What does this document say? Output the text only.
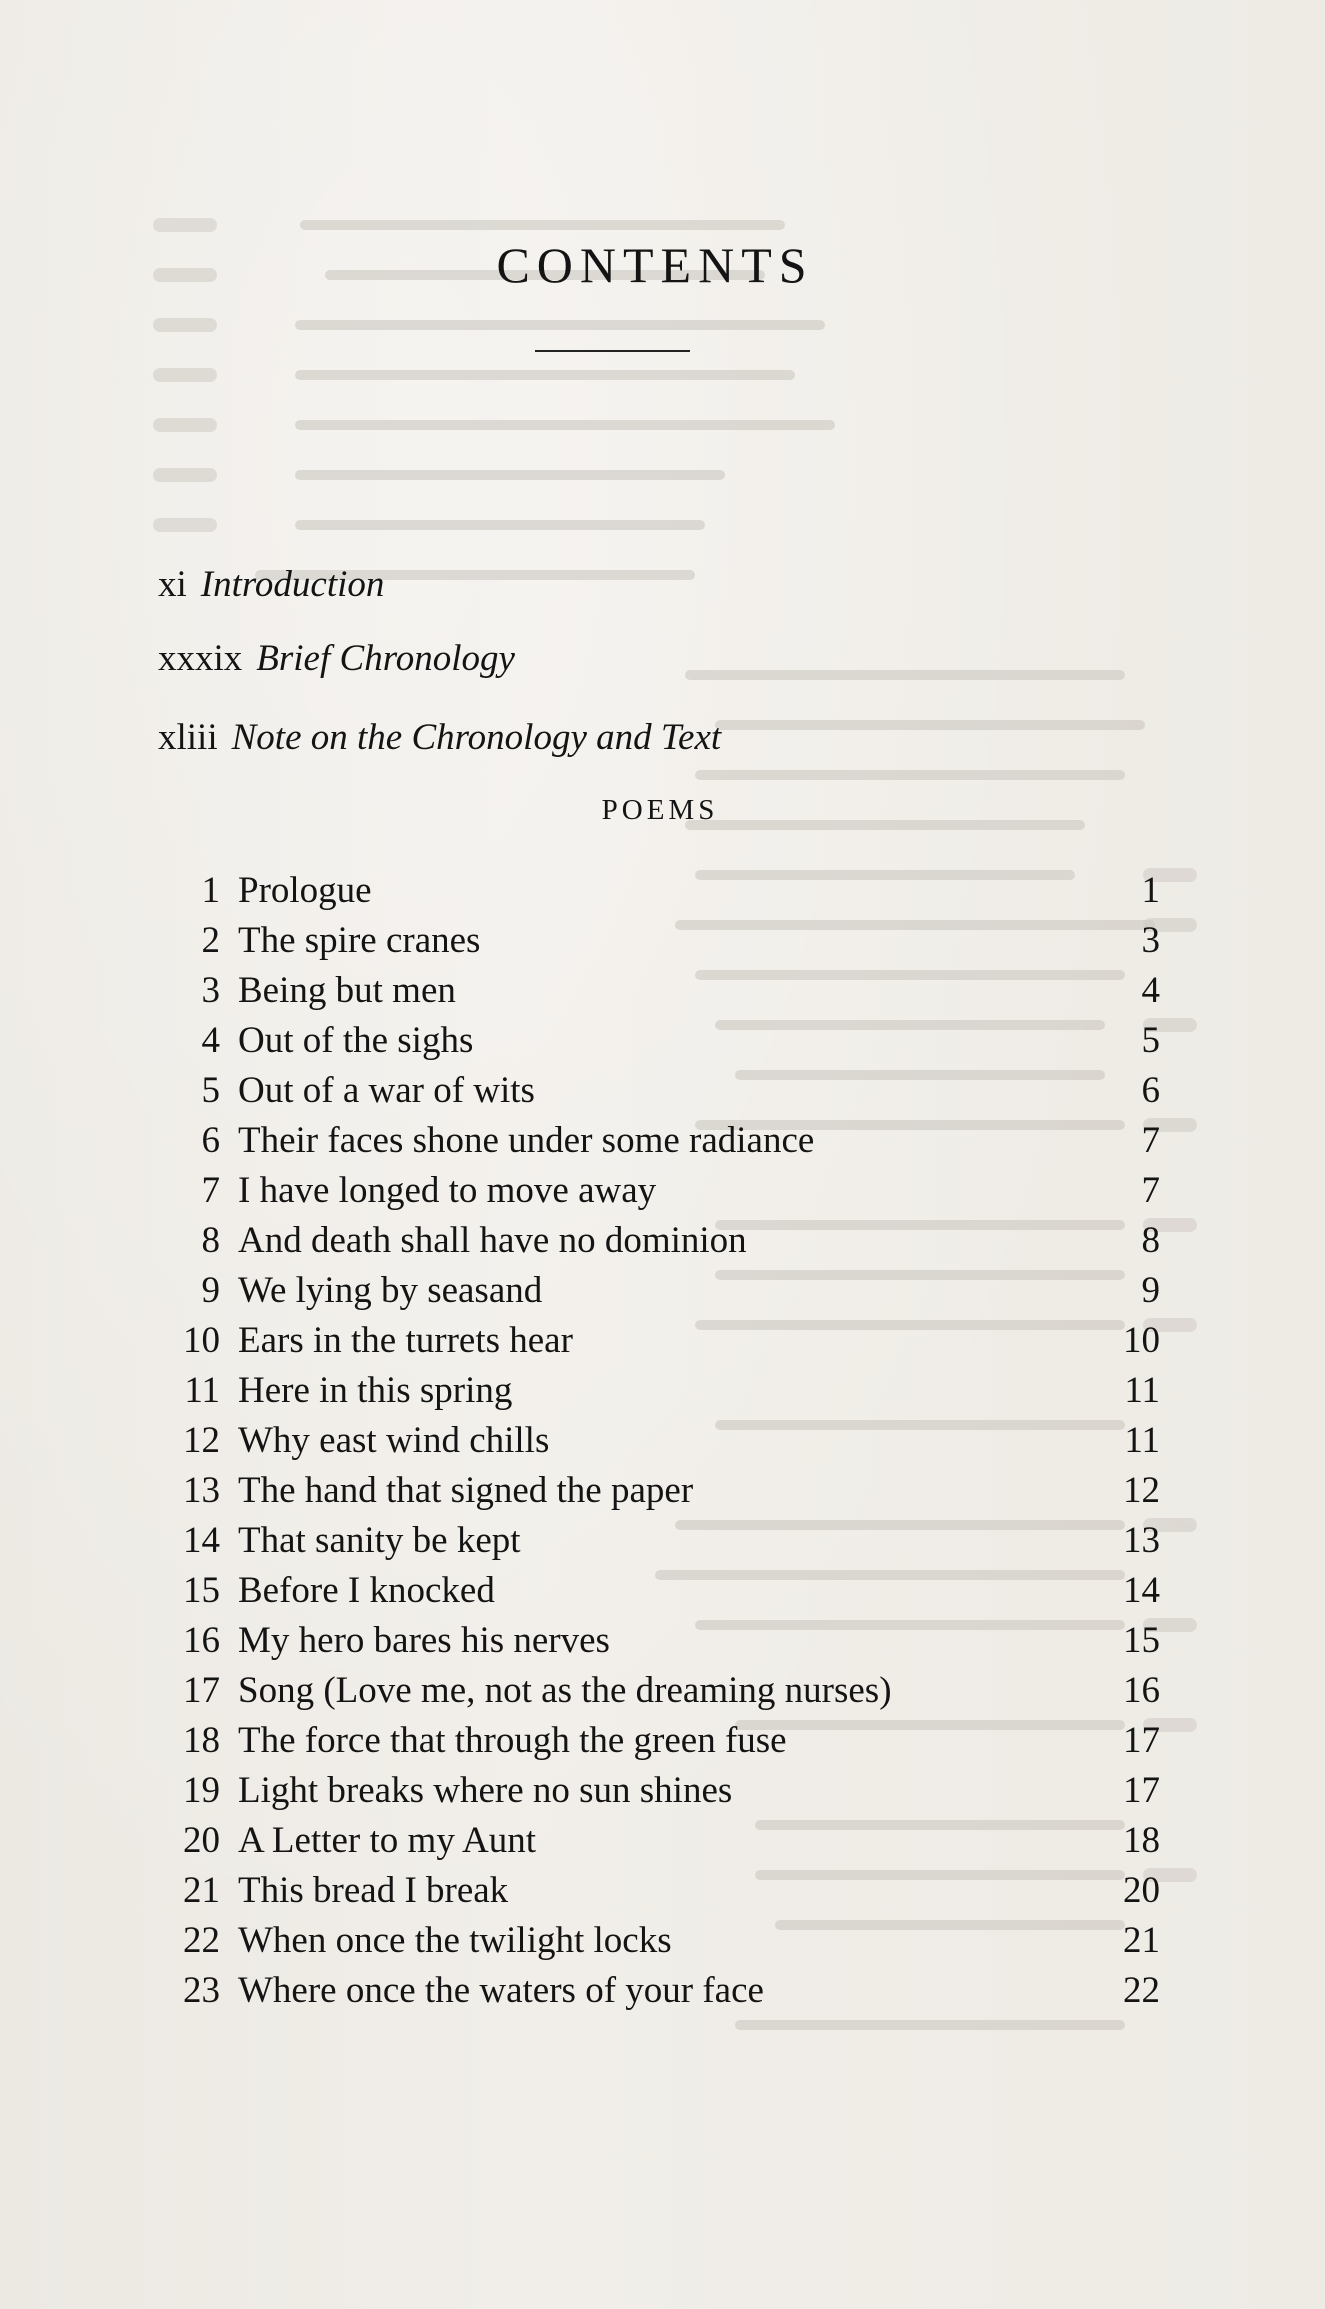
CONTENTS
xi Introduction
xxxix Brief Chronology
xliii Note on the Chronology and Text
POEMS
1 Prologue	1
2 The spire cranes	3
3 Being but men	4
4 Out of the sighs	5
5 Out of a war of wits	6
6 Their faces shone under some radiance	7
7 I have longed to move away	7
8 And death shall have no dominion	8
9 We lying by seasand	9
10 Ears in the turrets hear	10
11 Here in this spring	11
12 Why east wind chills	11
13 The hand that signed the paper	12
14 That sanity be kept	13
15 Before I knocked	14
16 My hero bares his nerves	15
17 Song (Love me, not as the dreaming nurses)	16
18 The force that through the green fuse	17
19 Light breaks where no sun shines	17
20 A Letter to my Aunt	18
21 This bread I break	20
22 When once the twilight locks	21
23 Where once the waters of your face	22
